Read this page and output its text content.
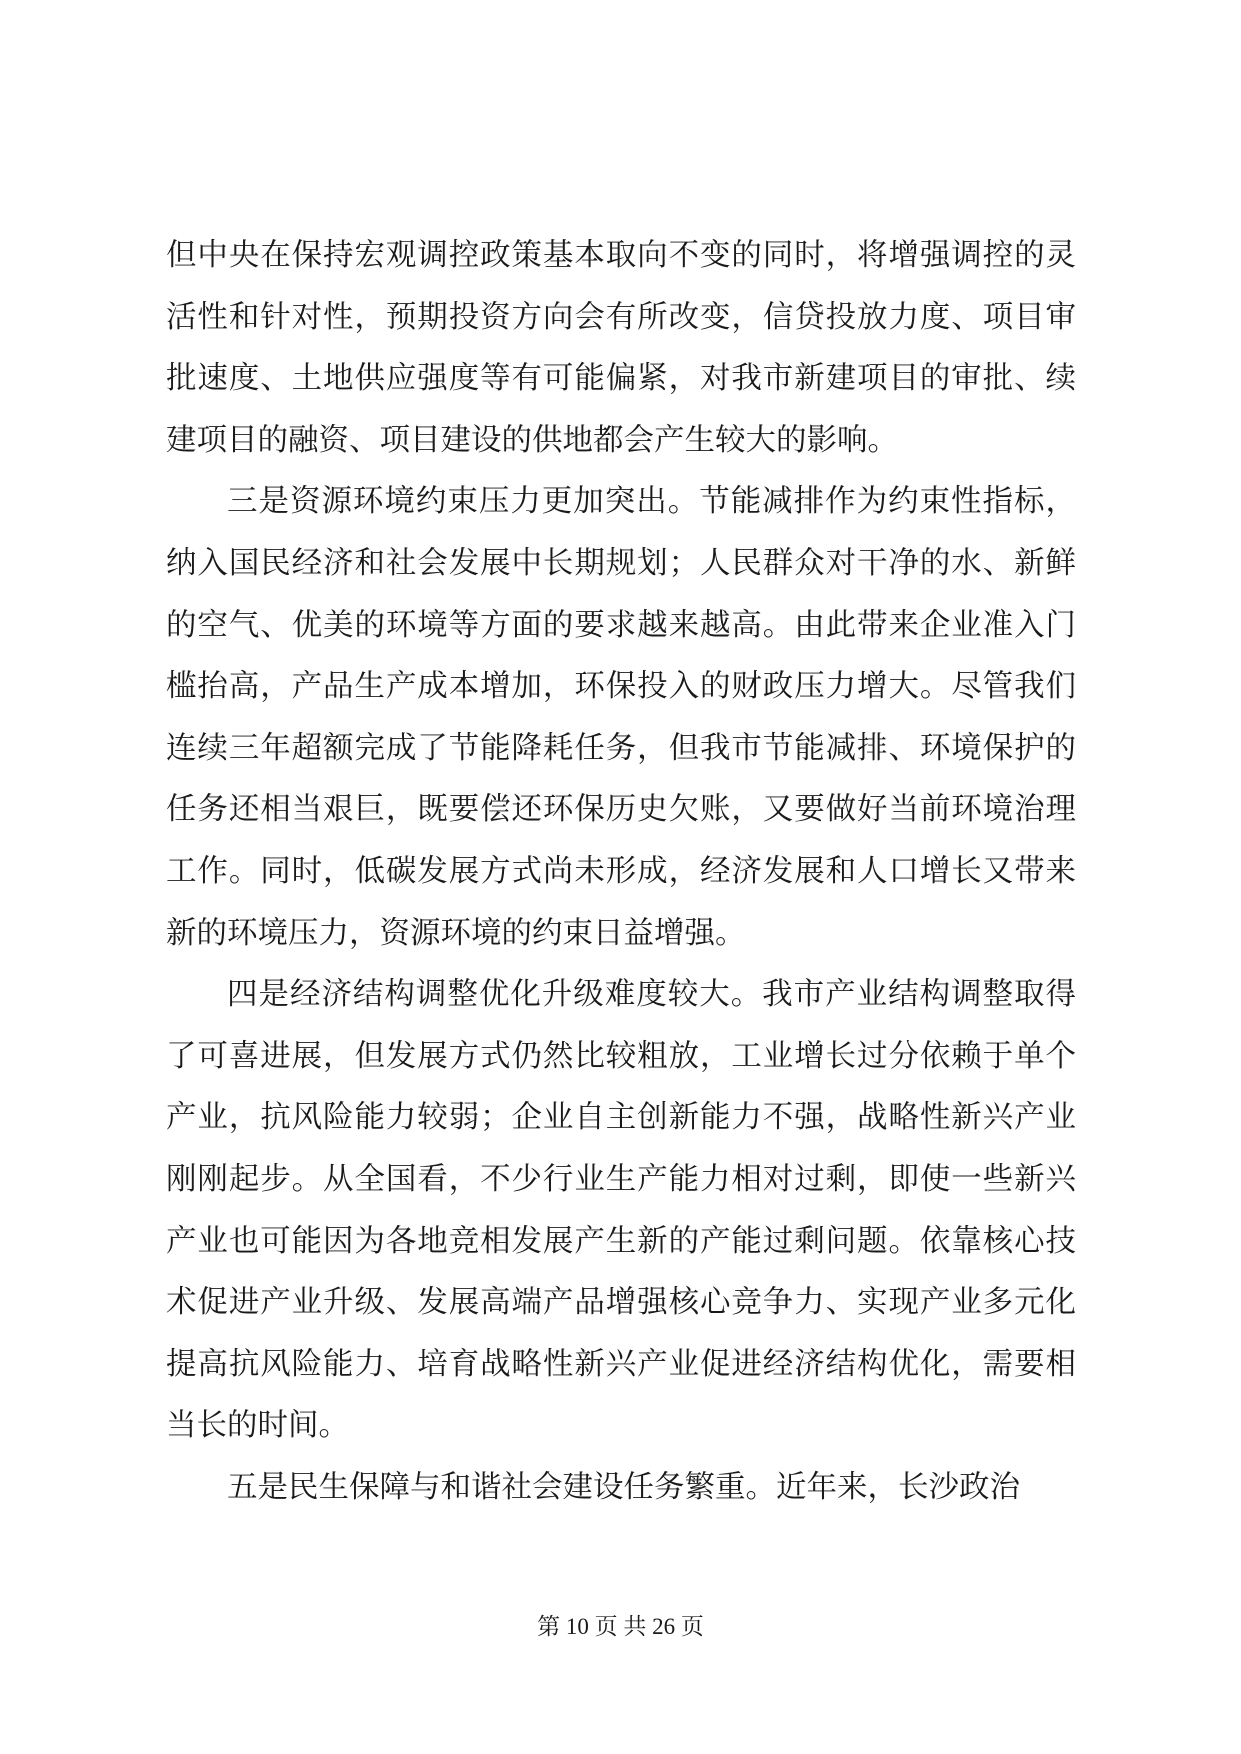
但中央在保持宏观调控政策基本取向不变的同时，将增强调控的灵活性和针对性，预期投资方向会有所改变，信贷投放力度、项目审批速度、土地供应强度等有可能偏紧，对我市新建项目的审批、续建项目的融资、项目建设的供地都会产生较大的影响。

三是资源环境约束压力更加突出。节能减排作为约束性指标，纳入国民经济和社会发展中长期规划；人民群众对干净的水、新鲜的空气、优美的环境等方面的要求越来越高。由此带来企业准入门槛抬高，产品生产成本增加，环保投入的财政压力增大。尽管我们连续三年超额完成了节能降耗任务，但我市节能减排、环境保护的任务还相当艰巨，既要偿还环保历史欠账，又要做好当前环境治理工作。同时，低碳发展方式尚未形成，经济发展和人口增长又带来新的环境压力，资源环境的约束日益增强。

四是经济结构调整优化升级难度较大。我市产业结构调整取得了可喜进展，但发展方式仍然比较粗放，工业增长过分依赖于单个产业，抗风险能力较弱；企业自主创新能力不强，战略性新兴产业刚刚起步。从全国看，不少行业生产能力相对过剩，即使一些新兴产业也可能因为各地竞相发展产生新的产能过剩问题。依靠核心技术促进产业升级、发展高端产品增强核心竞争力、实现产业多元化提高抗风险能力、培育战略性新兴产业促进经济结构优化，需要相当长的时间。

五是民生保障与和谐社会建设任务繁重。近年来，长沙政治

第 10 页 共 26 页
